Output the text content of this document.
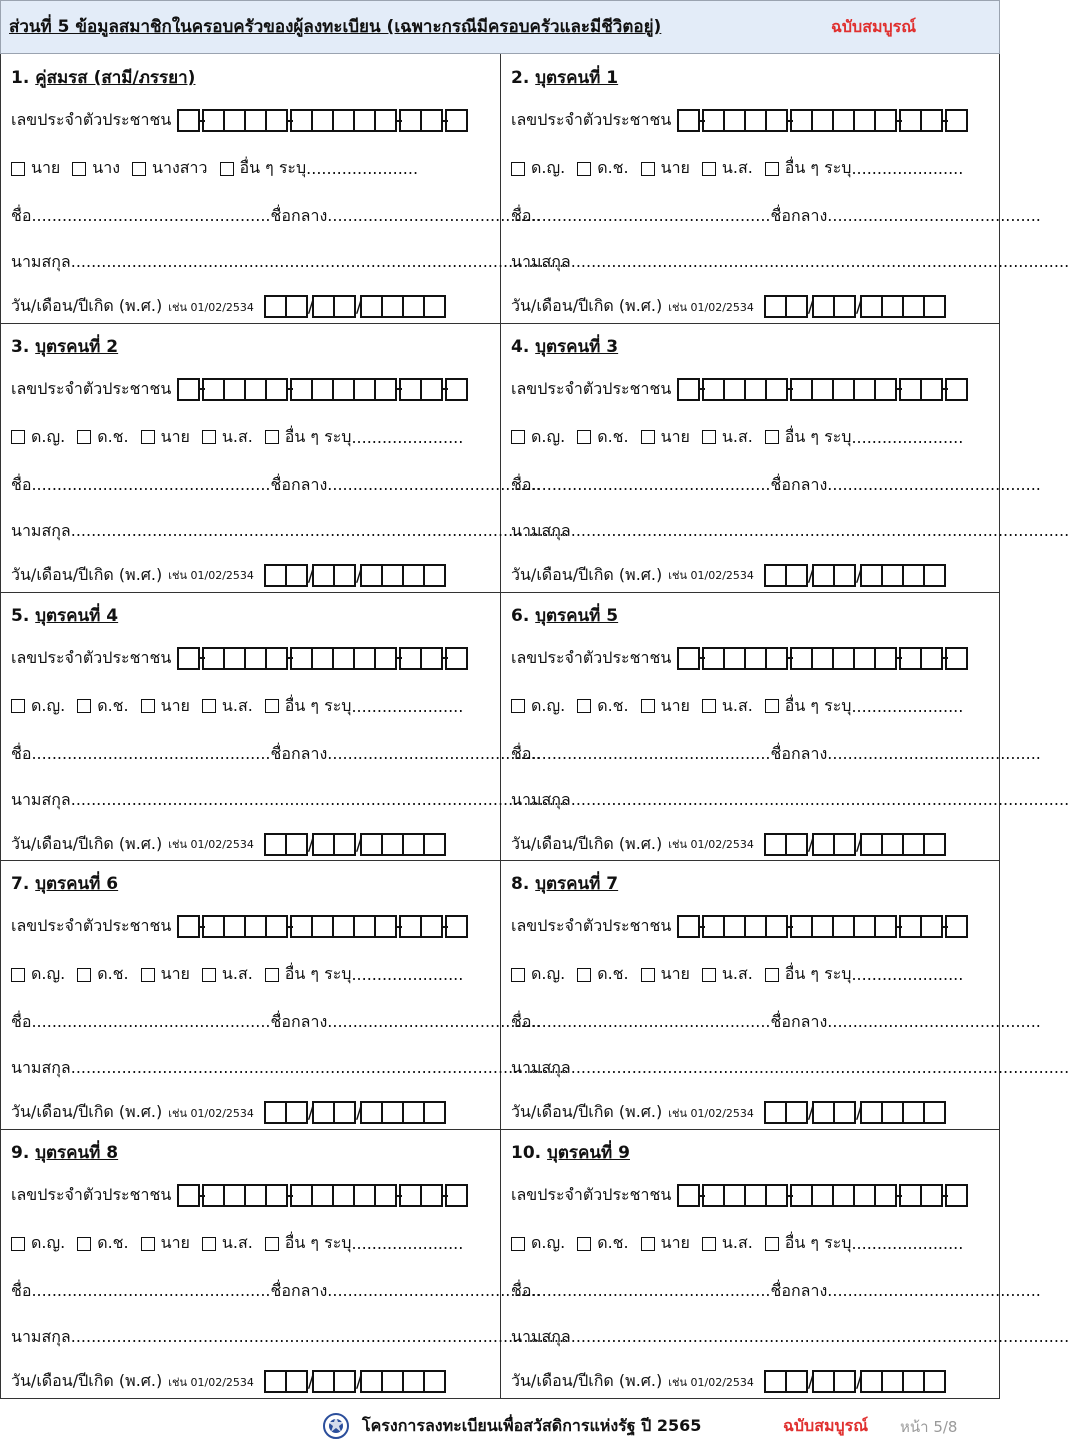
ส่วนที่ 5 ข้อมูลสมาชิกในครอบครัวของผู้ลงทะเบียน (เฉพาะกรณีมีครอบครัวและมีชีวิตอยู่)	ฉบับสมบูรณ์
1. คู่สมรส (สามี/ภรรยา)
เลขประจำตัวประชาชน
นาย นาง นางสาว อื่น ๆ ระบุ ......................
ชื่อ............................................... ชื่อกลาง..........................................
นามสกุล..................................................................................................
วัน/เดือน/ปีเกิด (พ.ศ.) เช่น 01/02/2534	/ /
2. บุตรคนที่ 1
เลขประจำตัวประชาชน
ด.ญ. ด.ช. นาย น.ส. อื่น ๆ ระบุ ......................
ชื่อ............................................... ชื่อกลาง..........................................
นามสกุล..................................................................................................
วัน/เดือน/ปีเกิด (พ.ศ.) เช่น 01/02/2534	/ /
3. บุตรคนที่ 2
เลขประจำตัวประชาชน
ด.ญ. ด.ช. นาย น.ส. อื่น ๆ ระบุ ......................
ชื่อ............................................... ชื่อกลาง..........................................
นามสกุล..................................................................................................
วัน/เดือน/ปีเกิด (พ.ศ.) เช่น 01/02/2534	/ /
4. บุตรคนที่ 3
เลขประจำตัวประชาชน
ด.ญ. ด.ช. นาย น.ส. อื่น ๆ ระบุ ......................
ชื่อ............................................... ชื่อกลาง..........................................
นามสกุล..................................................................................................
วัน/เดือน/ปีเกิด (พ.ศ.) เช่น 01/02/2534	/ /
5. บุตรคนที่ 4
เลขประจำตัวประชาชน
ด.ญ. ด.ช. นาย น.ส. อื่น ๆ ระบุ ......................
ชื่อ............................................... ชื่อกลาง..........................................
นามสกุล..................................................................................................
วัน/เดือน/ปีเกิด (พ.ศ.) เช่น 01/02/2534	/ /
6. บุตรคนที่ 5
เลขประจำตัวประชาชน
ด.ญ. ด.ช. นาย น.ส. อื่น ๆ ระบุ ......................
ชื่อ............................................... ชื่อกลาง..........................................
นามสกุล..................................................................................................
วัน/เดือน/ปีเกิด (พ.ศ.) เช่น 01/02/2534	/ /
7. บุตรคนที่ 6
เลขประจำตัวประชาชน
ด.ญ. ด.ช. นาย น.ส. อื่น ๆ ระบุ ......................
ชื่อ............................................... ชื่อกลาง..........................................
นามสกุล..................................................................................................
วัน/เดือน/ปีเกิด (พ.ศ.) เช่น 01/02/2534	/ /
8. บุตรคนที่ 7
เลขประจำตัวประชาชน
ด.ญ. ด.ช. นาย น.ส. อื่น ๆ ระบุ ......................
ชื่อ............................................... ชื่อกลาง..........................................
นามสกุล..................................................................................................
วัน/เดือน/ปีเกิด (พ.ศ.) เช่น 01/02/2534	/ /
9. บุตรคนที่ 8
เลขประจำตัวประชาชน
ด.ญ. ด.ช. นาย น.ส. อื่น ๆ ระบุ ......................
ชื่อ............................................... ชื่อกลาง..........................................
นามสกุล..................................................................................................
วัน/เดือน/ปีเกิด (พ.ศ.) เช่น 01/02/2534	/ /
10. บุตรคนที่ 9
เลขประจำตัวประชาชน
ด.ญ. ด.ช. นาย น.ส. อื่น ๆ ระบุ ......................
ชื่อ............................................... ชื่อกลาง..........................................
นามสกุล..................................................................................................
วัน/เดือน/ปีเกิด (พ.ศ.) เช่น 01/02/2534	/ /
โครงการลงทะเบียนเพื่อสวัสดิการแห่งรัฐ ปี 2565	ฉบับสมบูรณ์ หน้า 5/8
